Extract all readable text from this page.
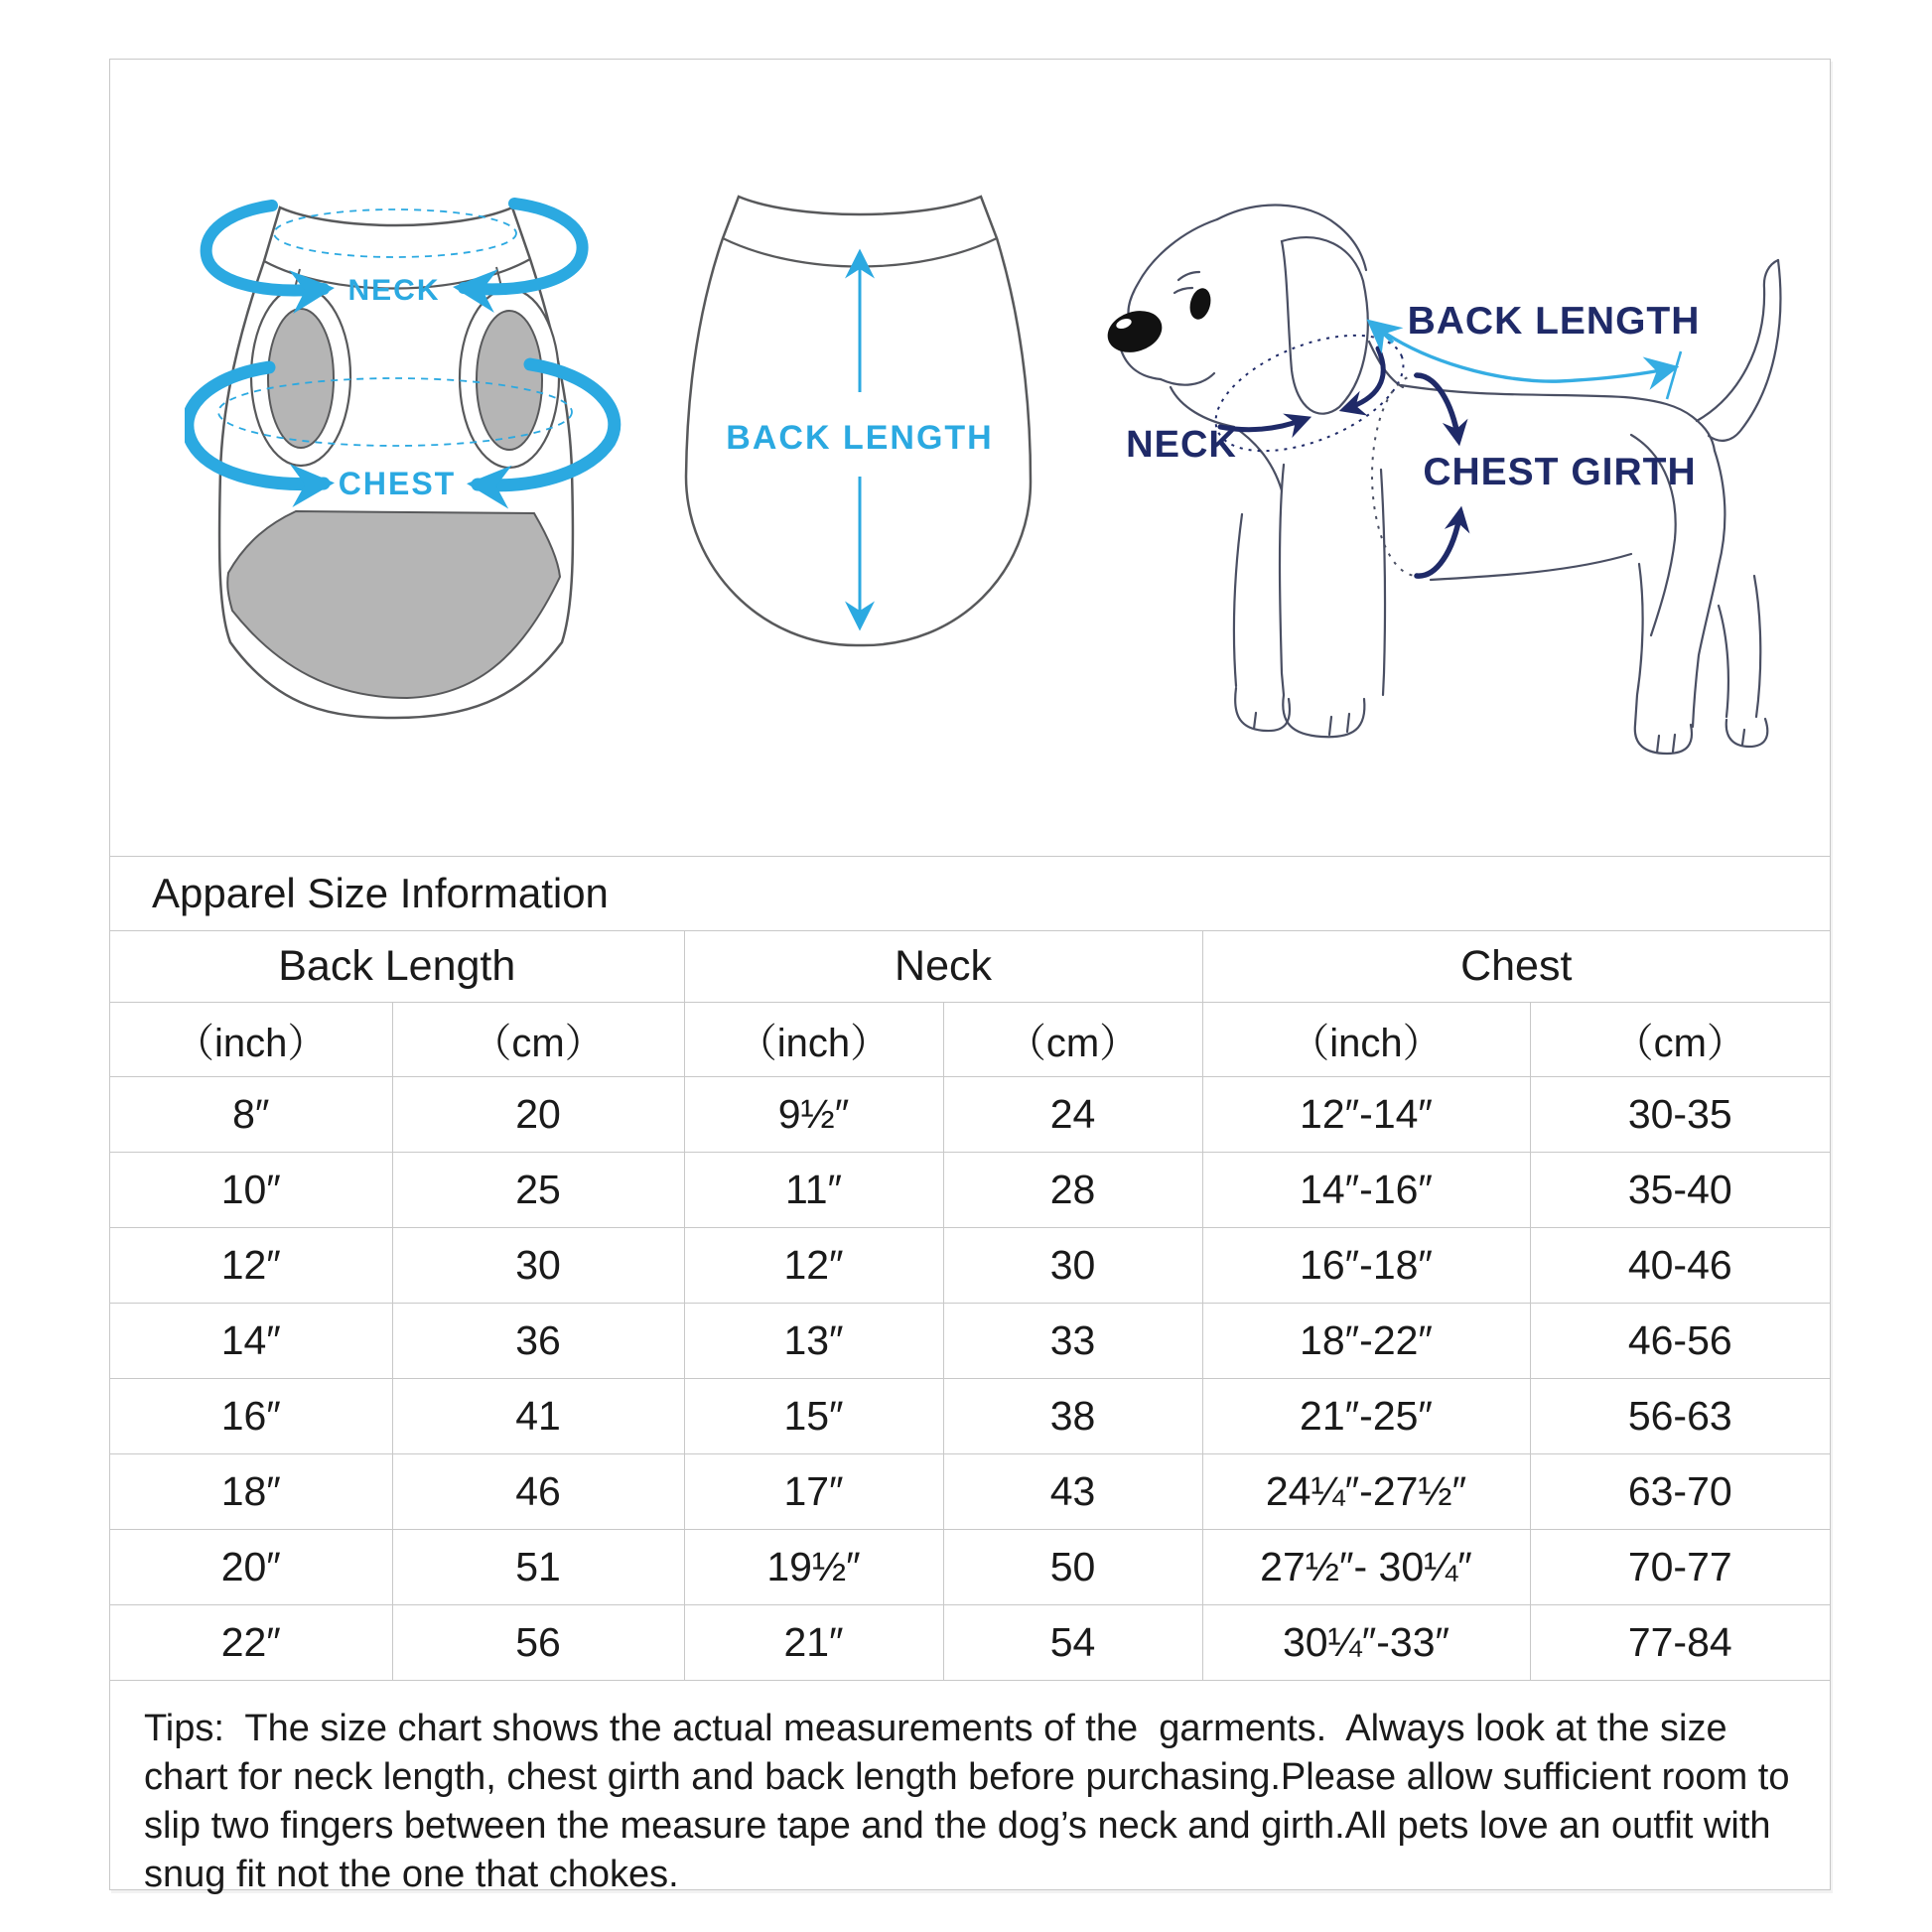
NECK
CHEST
BACK LENGTH	NECK
BACK LENGTH
CHEST GIRTH
Apparel Size Information
Back Length		Neck		Chest	
（inch）	（cm）	（inch）	（cm）	（inch）	（cm）
8″	20	9½″	24	12″-14″	30-35
10″	25	11″	28	14″-16″	35-40
12″	30	12″	30	16″-18″	40-46
14″	36	13″	33	18″-22″	46-56
16″	41	15″	38	21″-25″	56-63
18″	46	17″	43	24¼″-27½″	63-70
20″	51	19½″	50	27½″- 30¼″	70-77
22″	56	21″	54	30¼″-33″	77-84
Tips:  The size chart shows the actual measurements of the  garments.  Always look at the size chart for neck length, chest girth and back length before purchasing.Please allow sufficient room to slip two fingers between the measure tape and the dog’s neck and girth.All pets love an outfit with snug fit not the one that chokes.
